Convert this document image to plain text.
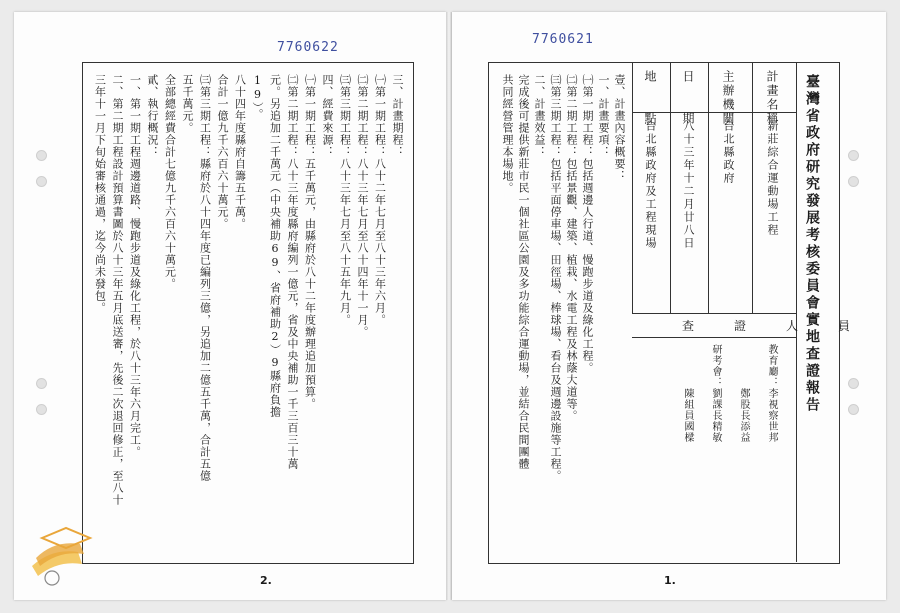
7760622
三、計畫期程：
㈠第一期工程：八十二年七月至八十三年六月。
㈡第二期工程：八十三年七月至八十四年十一月。
㈢第三期工程：八十三年七月至八十五年九月。
四、經費來源：
㈠第一期工程：五千萬元，由縣府於八十二年度辦理追加預算。
㈡第二期工程：八十三年度縣府編列一億元，省及中央補助一千三百三十萬
元。另追加二千萬元（中央補助69、省府補助2）9縣府負擔
19）。
八十四年度縣府自籌五千萬。
合計一億九千六百六十萬元。
㈢第三期工程：縣府於八十四年度已編列三億，另追加二億五千萬，合計五億
五千萬元。
全部總經費合計七億九千六百六十萬元。
貳、執行概況：
一、第一期工程週邊道路、慢跑步道及綠化工程，於八十三年六月完工。
二、第二期工程設計預算書圖於八十三年五月底送審，先後二次退回修正，至八十
三年十一月下旬始審核通過，迄今尚未發包。
2.
7760621
臺灣省政府研究發展考核委員會實地查證報告
計畫名稱
新莊綜合運動場工程
主辦機關
台北縣政府
日　　期
八十三年十二月廿八日
地　　點
台北縣政府及工程現場
查　證　人　員
教育廳：李視察世邦
　　　　鄭股長添益
研考會：劉課長精敏
　　　　陳組員國樑
壹、計畫內容概要：
一、計畫要項：
㈠第一期工程：包括週邊人行道、慢跑步道及綠化工程。
㈡第二期工程：包括景觀、建築、植栽、水電工程及林蔭大道等。
㈢第三期工程：包括平面停車場、田徑場、棒球場、看台及週邊設施等工程。
二、計畫效益：
完成後可提供新莊市民一個社區公園及多功能綜合運動場，並結合民間團體
共同經營管理本場地。
1.
